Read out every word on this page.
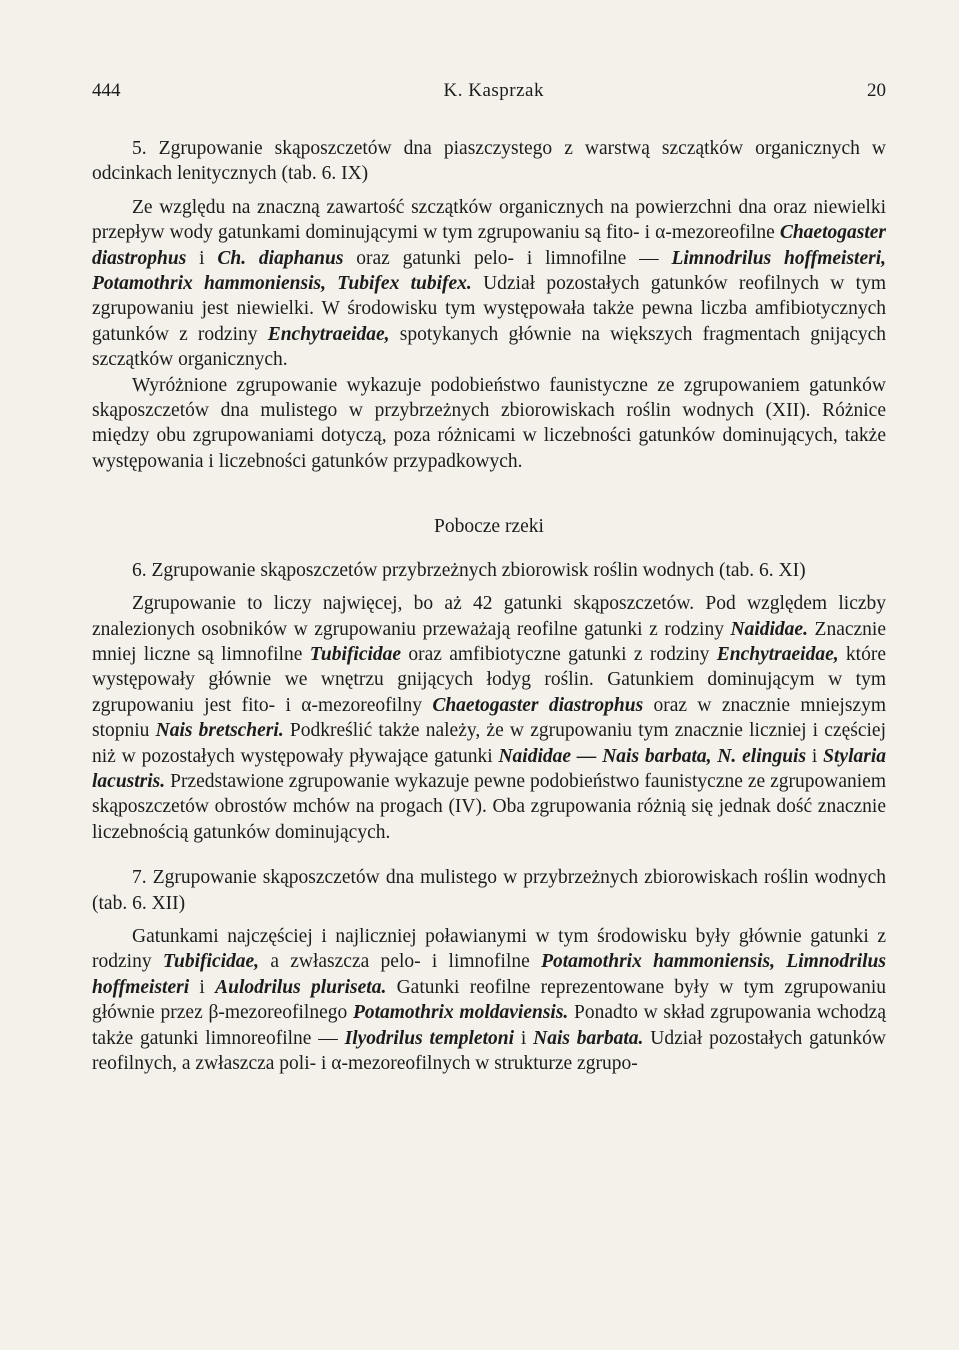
444	K. Kasprzak	20

5. Zgrupowanie skąposzczetów dna piaszczystego z warstwą szczątków organicznych w odcinkach lenitycznych (tab. 6. IX)

Ze względu na znaczną zawartość szczątków organicznych na powierzchni dna oraz niewielki przepływ wody gatunkami dominującymi w tym zgrupowaniu są fito- i α-mezoreofilne Chaetogaster diastrophus i Ch. diaphanus oraz gatunki pelo- i limnofilne — Limnodrilus hoffmeisteri, Potamothrix hammoniensis, Tubifex tubifex. Udział pozostałych gatunków reofilnych w tym zgrupowaniu jest niewielki. W środowisku tym występowała także pewna liczba amfibiotycznych gatunków z rodziny Enchytraeidae, spotykanych głównie na większych fragmentach gnijących szczątków organicznych.

Wyróżnione zgrupowanie wykazuje podobieństwo faunistyczne ze zgrupowaniem gatunków skąposzczetów dna mulistego w przybrzeżnych zbiorowiskach roślin wodnych (XII). Różnice między obu zgrupowaniami dotyczą, poza różnicami w liczebności gatunków dominujących, także występowania i liczebności gatunków przypadkowych.

Pobocze rzeki

6. Zgrupowanie skąposzczetów przybrzeżnych zbiorowisk roślin wodnych (tab. 6. XI)

Zgrupowanie to liczy najwięcej, bo aż 42 gatunki skąposzczetów. Pod względem liczby znalezionych osobników w zgrupowaniu przeważają reofilne gatunki z rodziny Naididae. Znacznie mniej liczne są limnofilne Tubificidae oraz amfibiotyczne gatunki z rodziny Enchytraeidae, które występowały głównie we wnętrzu gnijących łodyg roślin. Gatunkiem dominującym w tym zgrupowaniu jest fito- i α-mezoreofilny Chaetogaster diastrophus oraz w znacznie mniejszym stopniu Nais bretscheri. Podkreślić także należy, że w zgrupowaniu tym znacznie liczniej i częściej niż w pozostałych występowały pływające gatunki Naididae — Nais barbata, N. elinguis i Stylaria lacustris. Przedstawione zgrupowanie wykazuje pewne podobieństwo faunistyczne ze zgrupowaniem skąposzczetów obrostów mchów na progach (IV). Oba zgrupowania różnią się jednak dość znacznie liczebnością gatunków dominujących.

7. Zgrupowanie skąposzczetów dna mulistego w przybrzeżnych zbiorowiskach roślin wodnych (tab. 6. XII)

Gatunkami najczęściej i najliczniej poławianymi w tym środowisku były głównie gatunki z rodziny Tubificidae, a zwłaszcza pelo- i limnofilne Potamothrix hammoniensis, Limnodrilus hoffmeisteri i Aulodrilus pluriseta. Gatunki reofilne reprezentowane były w tym zgrupowaniu głównie przez β-mezoreofilnego Potamothrix moldaviensis. Ponadto w skład zgrupowania wchodzą także gatunki limnoreofilne — Ilyodrilus templetoni i Nais barbata. Udział pozostałych gatunków reofilnych, a zwłaszcza poli- i α-mezoreofilnych w strukturze zgrupo-
